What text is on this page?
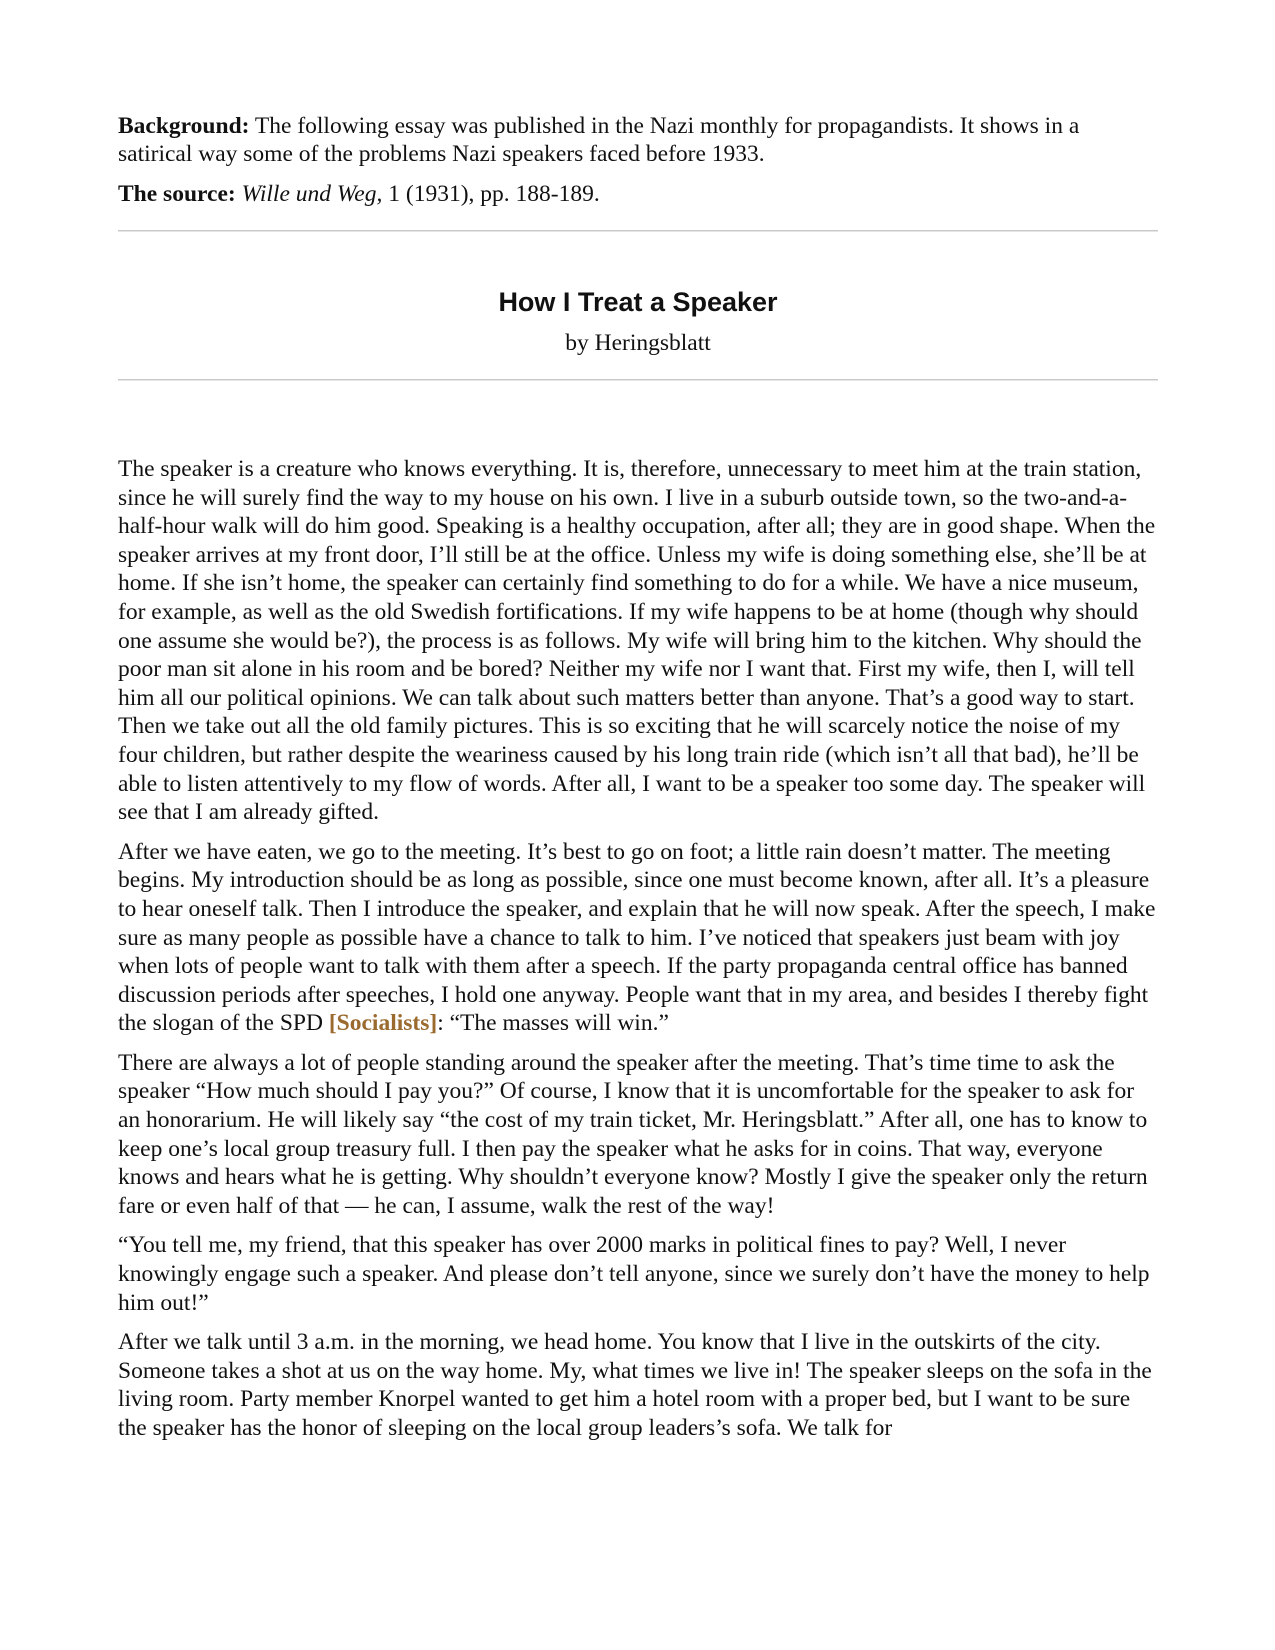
Background: The following essay was published in the Nazi monthly for propagandists. It shows in a satirical way some of the problems Nazi speakers faced before 1933.

The source: Wille und Weg, 1 (1931), pp. 188-189.

How I Treat a Speaker
by Heringsblatt

The speaker is a creature who knows everything. It is, therefore, unnecessary to meet him at the train station, since he will surely find the way to my house on his own. I live in a suburb outside town, so the two-and-a-half-hour walk will do him good. Speaking is a healthy occupation, after all; they are in good shape. When the speaker arrives at my front door, I’ll still be at the office. Unless my wife is doing something else, she’ll be at home. If she isn’t home, the speaker can certainly find something to do for a while. We have a nice museum, for example, as well as the old Swedish fortifications. If my wife happens to be at home (though why should one assume she would be?), the process is as follows. My wife will bring him to the kitchen. Why should the poor man sit alone in his room and be bored? Neither my wife nor I want that. First my wife, then I, will tell him all our political opinions. We can talk about such matters better than anyone. That’s a good way to start. Then we take out all the old family pictures. This is so exciting that he will scarcely notice the noise of my four children, but rather despite the weariness caused by his long train ride (which isn’t all that bad), he’ll be able to listen attentively to my flow of words. After all, I want to be a speaker too some day. The speaker will see that I am already gifted.

After we have eaten, we go to the meeting. It’s best to go on foot; a little rain doesn’t matter. The meeting begins. My introduction should be as long as possible, since one must become known, after all. It’s a pleasure to hear oneself talk. Then I introduce the speaker, and explain that he will now speak. After the speech, I make sure as many people as possible have a chance to talk to him. I’ve noticed that speakers just beam with joy when lots of people want to talk with them after a speech. If the party propaganda central office has banned discussion periods after speeches, I hold one anyway. People want that in my area, and besides I thereby fight the slogan of the SPD [Socialists]: “The masses will win.”

There are always a lot of people standing around the speaker after the meeting. That’s time time to ask the speaker “How much should I pay you?” Of course, I know that it is uncomfortable for the speaker to ask for an honorarium. He will likely say “the cost of my train ticket, Mr. Heringsblatt.” After all, one has to know to keep one’s local group treasury full. I then pay the speaker what he asks for in coins. That way, everyone knows and hears what he is getting. Why shouldn’t everyone know? Mostly I give the speaker only the return fare or even half of that — he can, I assume, walk the rest of the way!

“You tell me, my friend, that this speaker has over 2000 marks in political fines to pay? Well, I never knowingly engage such a speaker. And please don’t tell anyone, since we surely don’t have the money to help him out!”

After we talk until 3 a.m. in the morning, we head home. You know that I live in the outskirts of the city. Someone takes a shot at us on the way home. My, what times we live in! The speaker sleeps on the sofa in the living room. Party member Knorpel wanted to get him a hotel room with a proper bed, but I want to be sure the speaker has the honor of sleeping on the local group leaders’s sofa. We talk for
